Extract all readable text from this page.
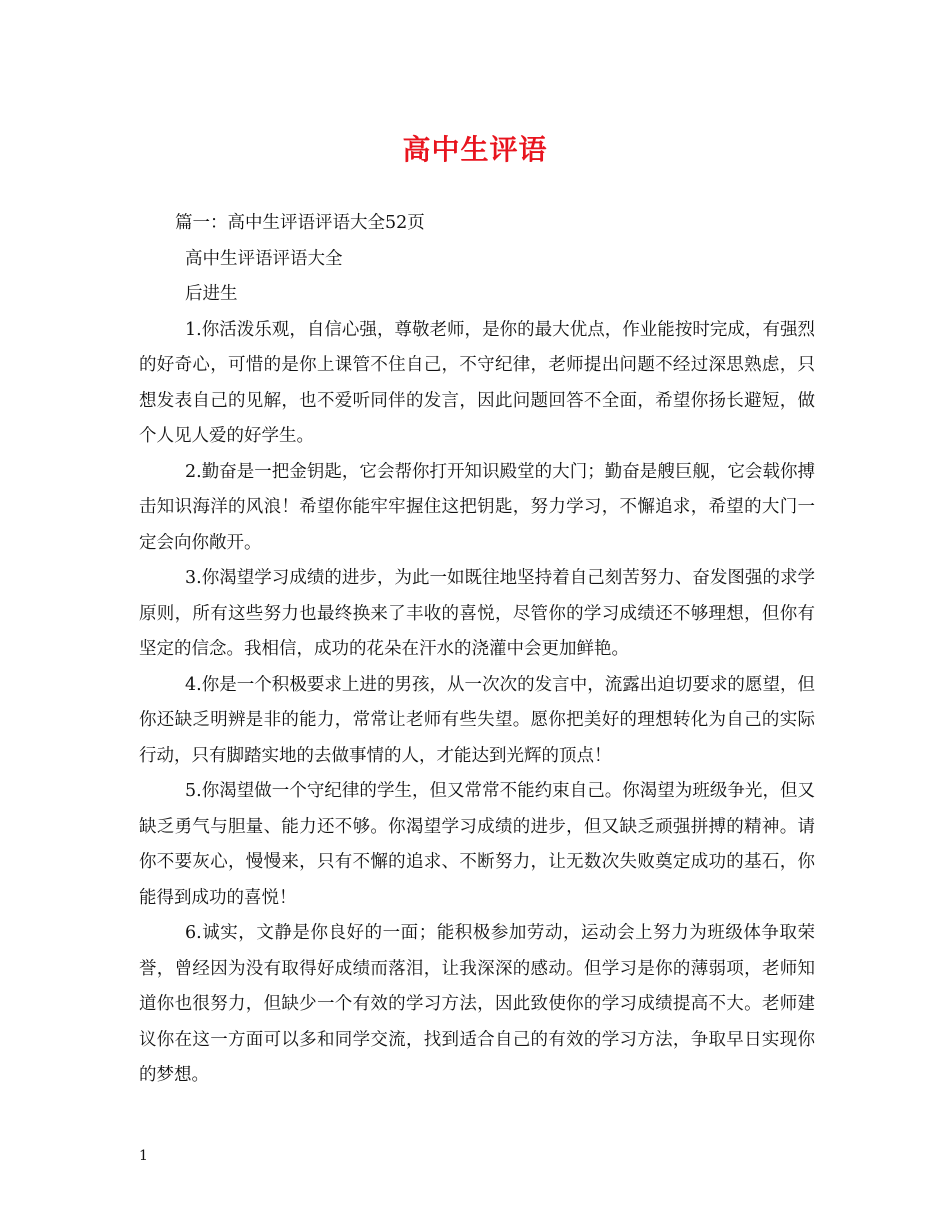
高中生评语

篇一：高中生评语评语大全52页

高中生评语评语大全

后进生

1.你活泼乐观，自信心强，尊敬老师，是你的最大优点，作业能按时完成，有强烈的好奇心，可惜的是你上课管不住自己，不守纪律，老师提出问题不经过深思熟虑，只想发表自己的见解，也不爱听同伴的发言，因此问题回答不全面，希望你扬长避短，做个人见人爱的好学生。

2.勤奋是一把金钥匙，它会帮你打开知识殿堂的大门；勤奋是艘巨舰，它会载你搏击知识海洋的风浪！希望你能牢牢握住这把钥匙，努力学习，不懈追求，希望的大门一定会向你敞开。

3.你渴望学习成绩的进步，为此一如既往地坚持着自己刻苦努力、奋发图强的求学原则，所有这些努力也最终换来了丰收的喜悦，尽管你的学习成绩还不够理想，但你有坚定的信念。我相信，成功的花朵在汗水的浇灌中会更加鲜艳。

4.你是一个积极要求上进的男孩，从一次次的发言中，流露出迫切要求的愿望，但你还缺乏明辨是非的能力，常常让老师有些失望。愿你把美好的理想转化为自己的实际行动，只有脚踏实地的去做事情的人，才能达到光辉的顶点！

5.你渴望做一个守纪律的学生，但又常常不能约束自己。你渴望为班级争光，但又缺乏勇气与胆量、能力还不够。你渴望学习成绩的进步，但又缺乏顽强拼搏的精神。请你不要灰心，慢慢来，只有不懈的追求、不断努力，让无数次失败奠定成功的基石，你能得到成功的喜悦！

6.诚实，文静是你良好的一面；能积极参加劳动，运动会上努力为班级体争取荣誉，曾经因为没有取得好成绩而落泪，让我深深的感动。但学习是你的薄弱项，老师知道你也很努力，但缺少一个有效的学习方法，因此致使你的学习成绩提高不大。老师建议你在这一方面可以多和同学交流，找到适合自己的有效的学习方法，争取早日实现你的梦想。

1
